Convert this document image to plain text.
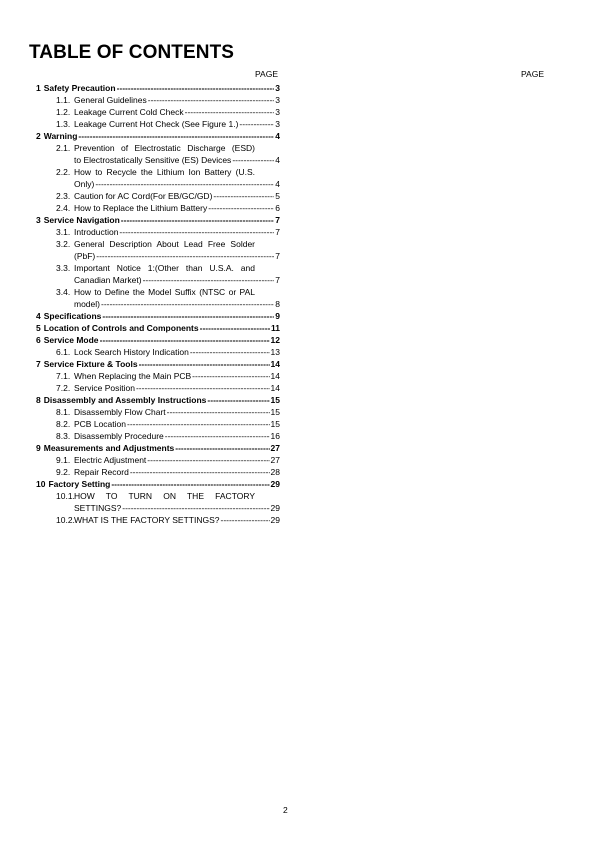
TABLE OF CONTENTS
PAGE	PAGE
1 Safety Precaution -----	3
1.1. General Guidelines -----	3
1.2. Leakage Current Cold Check -----	3
1.3. Leakage Current Hot Check (See Figure 1.) -----	3
2 Warning -----	4
2.1. Prevention of Electrostatic Discharge (ESD)
to Electrostatically Sensitive (ES) Devices -----	4
2.2. How to Recycle the Lithium Ion Battery (U.S.
Only) -----	4
2.3. Caution for AC Cord(For EB/GC/GD) -----	5
2.4. How to Replace the Lithium Battery -----	6
3 Service Navigation -----	7
3.1. Introduction -----	7
3.2. General Description About Lead Free Solder
(PbF) -----	7
3.3. Important Notice 1:(Other than U.S.A. and
Canadian Market) -----	7
3.4. How to Define the Model Suffix (NTSC or PAL
model) -----	8
4 Specifications -----	9
5 Location of Controls and Components -----	11
6 Service Mode -----	12
6.1. Lock Search History Indication -----	13
7 Service Fixture & Tools -----	14
7.1. When Replacing the Main PCB -----	14
7.2. Service Position -----	14
8 Disassembly and Assembly Instructions -----	15
8.1. Disassembly Flow Chart -----	15
8.2. PCB Location -----	15
8.3. Disassembly Procedure -----	16
9 Measurements and Adjustments -----	27
9.1. Electric Adjustment -----	27
9.2. Repair Record -----	28
10 Factory Setting -----	29
10.1. HOW TO TURN ON THE FACTORY
SETTINGS? -----	29
10.2. WHAT IS THE FACTORY SETTINGS? -----	29
2
